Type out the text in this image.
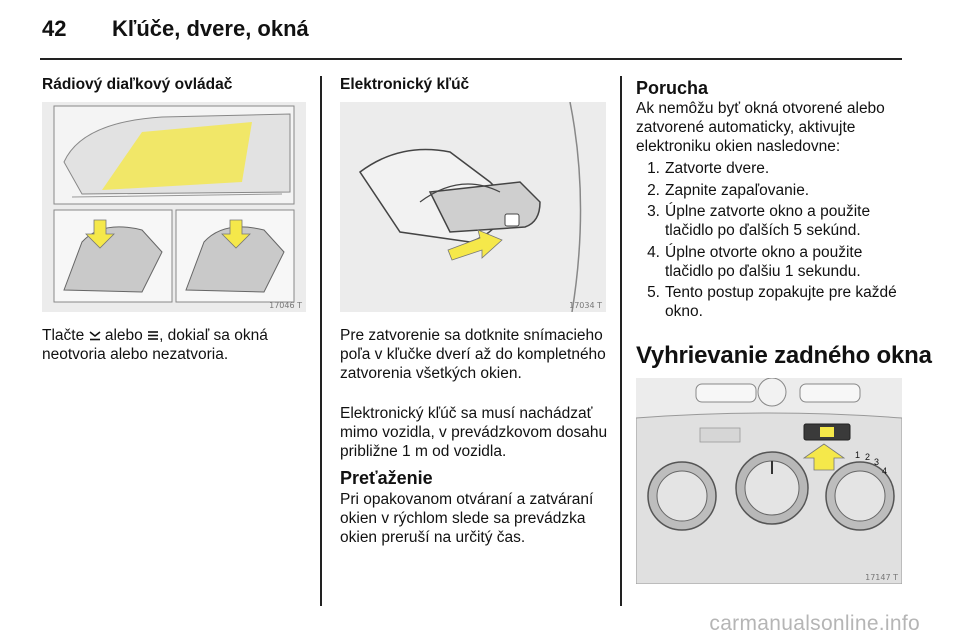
42 Kľúče, dvere, okná
Rádiový diaľkový ovládač
17046 T
Tlačte  alebo , dokiaľ sa okná
neotvoria alebo nezatvoria.
Elektronický kľúč
17034 T
Pre zatvorenie sa dotknite snímacieho poľa v kľučke dverí až do kompletného zatvorenia všetkých okien.
Elektronický kľúč sa musí nachádzať mimo vozidla, v prevádzkovom dosahu približne 1 m od vozidla.
Preťaženie
Pri opakovanom otváraní a zatváraní okien v rýchlom slede sa prevádzka okien preruší na určitý čas.
Porucha
Ak nemôžu byť okná otvorené alebo zatvorené automaticky, aktivujte elektroniku okien nasledovne:
1. Zatvorte dvere.
2. Zapnite zapaľovanie.
3. Úplne zatvorte okno a použite tlačidlo po ďalších 5 sekúnd.
4. Úplne otvorte okno a použite tlačidlo po ďalšiu 1 sekundu.
5. Tento postup zopakujte pre každé okno.
Vyhrievanie zadného okna
1 2 3
4
17147 T
carmanualsonline.info
